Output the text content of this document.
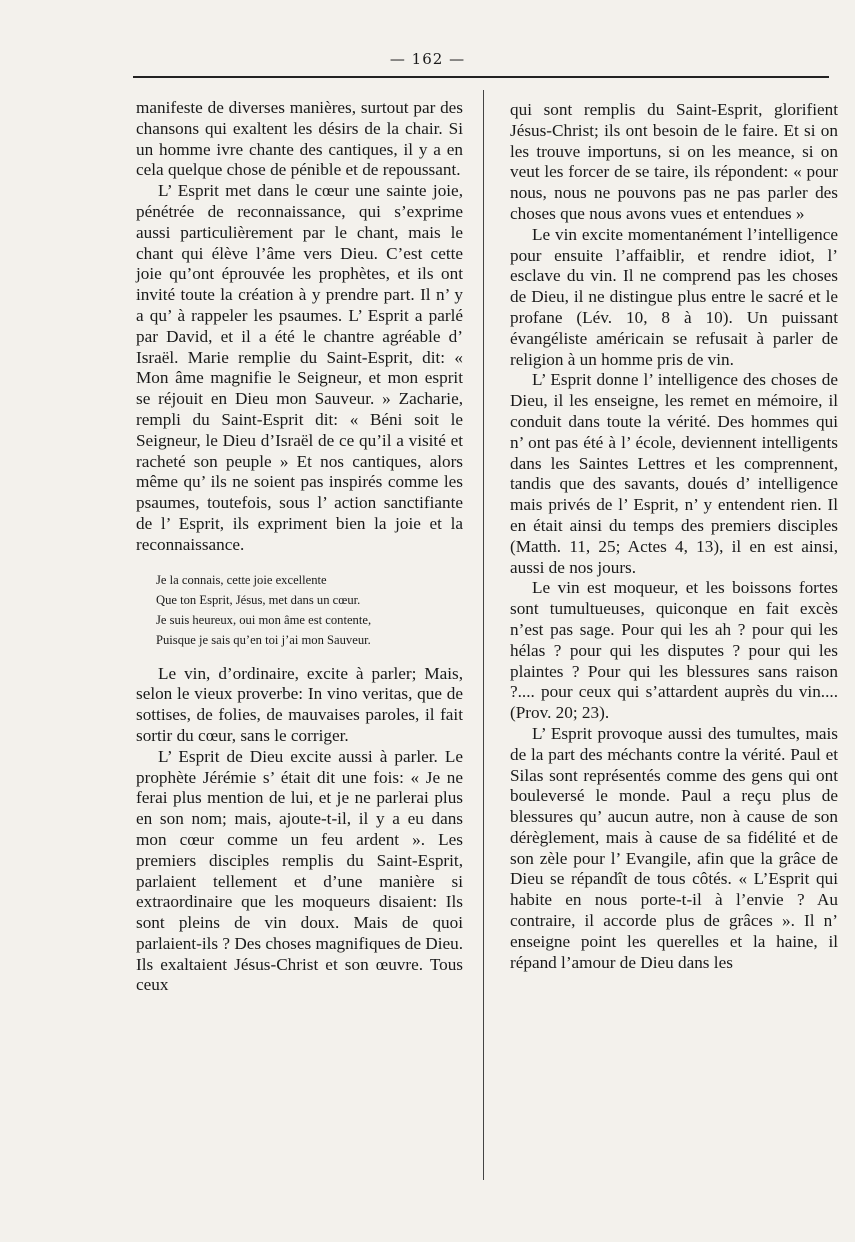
— 162 —

manifeste de diverses manières, surtout par des chansons qui exaltent les désirs de la chair. Si un homme ivre chante des cantiques, il y a en cela quelque chose de pénible et de repoussant.

L’ Esprit met dans le cœur une sainte joie, pénétrée de reconnaissance, qui s’exprime aussi particulièrement par le chant, mais le chant qui élève l’âme vers Dieu. C’est cette joie qu’ont éprouvée les prophètes, et ils ont invité toute la création à y prendre part. Il n’ y a qu’ à rappeler les psaumes. L’ Esprit a parlé par David, et il a été le chantre agréable d’ Israël. Marie remplie du Saint-Esprit, dit: « Mon âme magnifie le Seigneur, et mon esprit se réjouit en Dieu mon Sauveur. » Zacharie, rempli du Saint-Esprit dit: « Béni soit le Seigneur, le Dieu d’Israël de ce qu’il a visité et racheté son peuple » Et nos cantiques, alors même qu’ ils ne soient pas inspirés comme les psaumes, toutefois, sous l’ action sanctifiante de l’ Esprit, ils expriment bien la joie et la reconnaissance.

Je la connais, cette joie excellente
Que ton Esprit, Jésus, met dans un cœur.
Je suis heureux, oui mon âme est contente,
Puisque je sais qu’en toi j’ai mon Sauveur.

Le vin, d’ordinaire, excite à parler; Mais, selon le vieux proverbe: In vino veritas, que de sottises, de folies, de mauvaises paroles, il fait sortir du cœur, sans le corriger.

L’ Esprit de Dieu excite aussi à parler. Le prophète Jérémie s’ était dit une fois: « Je ne ferai plus mention de lui, et je ne parlerai plus en son nom; mais, ajoute-t-il, il y a eu dans mon cœur comme un feu ardent ». Les premiers disciples remplis du Saint-Esprit, parlaient tellement et d’une manière si extraordinaire que les moqueurs disaient: Ils sont pleins de vin doux. Mais de quoi parlaient-ils ? Des choses magnifiques de Dieu. Ils exaltaient Jésus-Christ et son œuvre. Tous ceux

qui sont remplis du Saint-Esprit, glorifient Jésus-Christ; ils ont besoin de le faire. Et si on les trouve importuns, si on les meance, si on veut les forcer de se taire, ils répondent: « pour nous, nous ne pouvons pas ne pas parler des choses que nous avons vues et entendues »

Le vin excite momentanément l’intelligence pour ensuite l’affaiblir, et rendre idiot, l’ esclave du vin. Il ne comprend pas les choses de Dieu, il ne distingue plus entre le sacré et le profane (Lév. 10, 8 à 10). Un puissant évangéliste américain se refusait à parler de religion à un homme pris de vin.

L’ Esprit donne l’ intelligence des choses de Dieu, il les enseigne, les remet en mémoire, il conduit dans toute la vérité. Des hommes qui n’ ont pas été à l’ école, deviennent intelligents dans les Saintes Lettres et les comprennent, tandis que des savants, doués d’ intelligence mais privés de l’ Esprit, n’ y entendent rien. Il en était ainsi du temps des premiers disciples (Matth. 11, 25; Actes 4, 13), il en est ainsi, aussi de nos jours.

Le vin est moqueur, et les boissons fortes sont tumultueuses, quiconque en fait excès n’est pas sage. Pour qui les ah ? pour qui les hélas ? pour qui les disputes ? pour qui les plaintes ? Pour qui les blessures sans raison ?.... pour ceux qui s’attardent auprès du vin.... (Prov. 20; 23).

L’ Esprit provoque aussi des tumultes, mais de la part des méchants contre la vérité. Paul et Silas sont représentés comme des gens qui ont bouleversé le monde. Paul a reçu plus de blessures qu’ aucun autre, non à cause de son dérèglement, mais à cause de sa fidélité et de son zèle pour l’ Evangile, afin que la grâce de Dieu se répandît de tous côtés. « L’Esprit qui habite en nous porte-t-il à l’envie ? Au contraire, il accorde plus de grâces ». Il n’ enseigne point les querelles et la haine, il répand l’amour de Dieu dans les
